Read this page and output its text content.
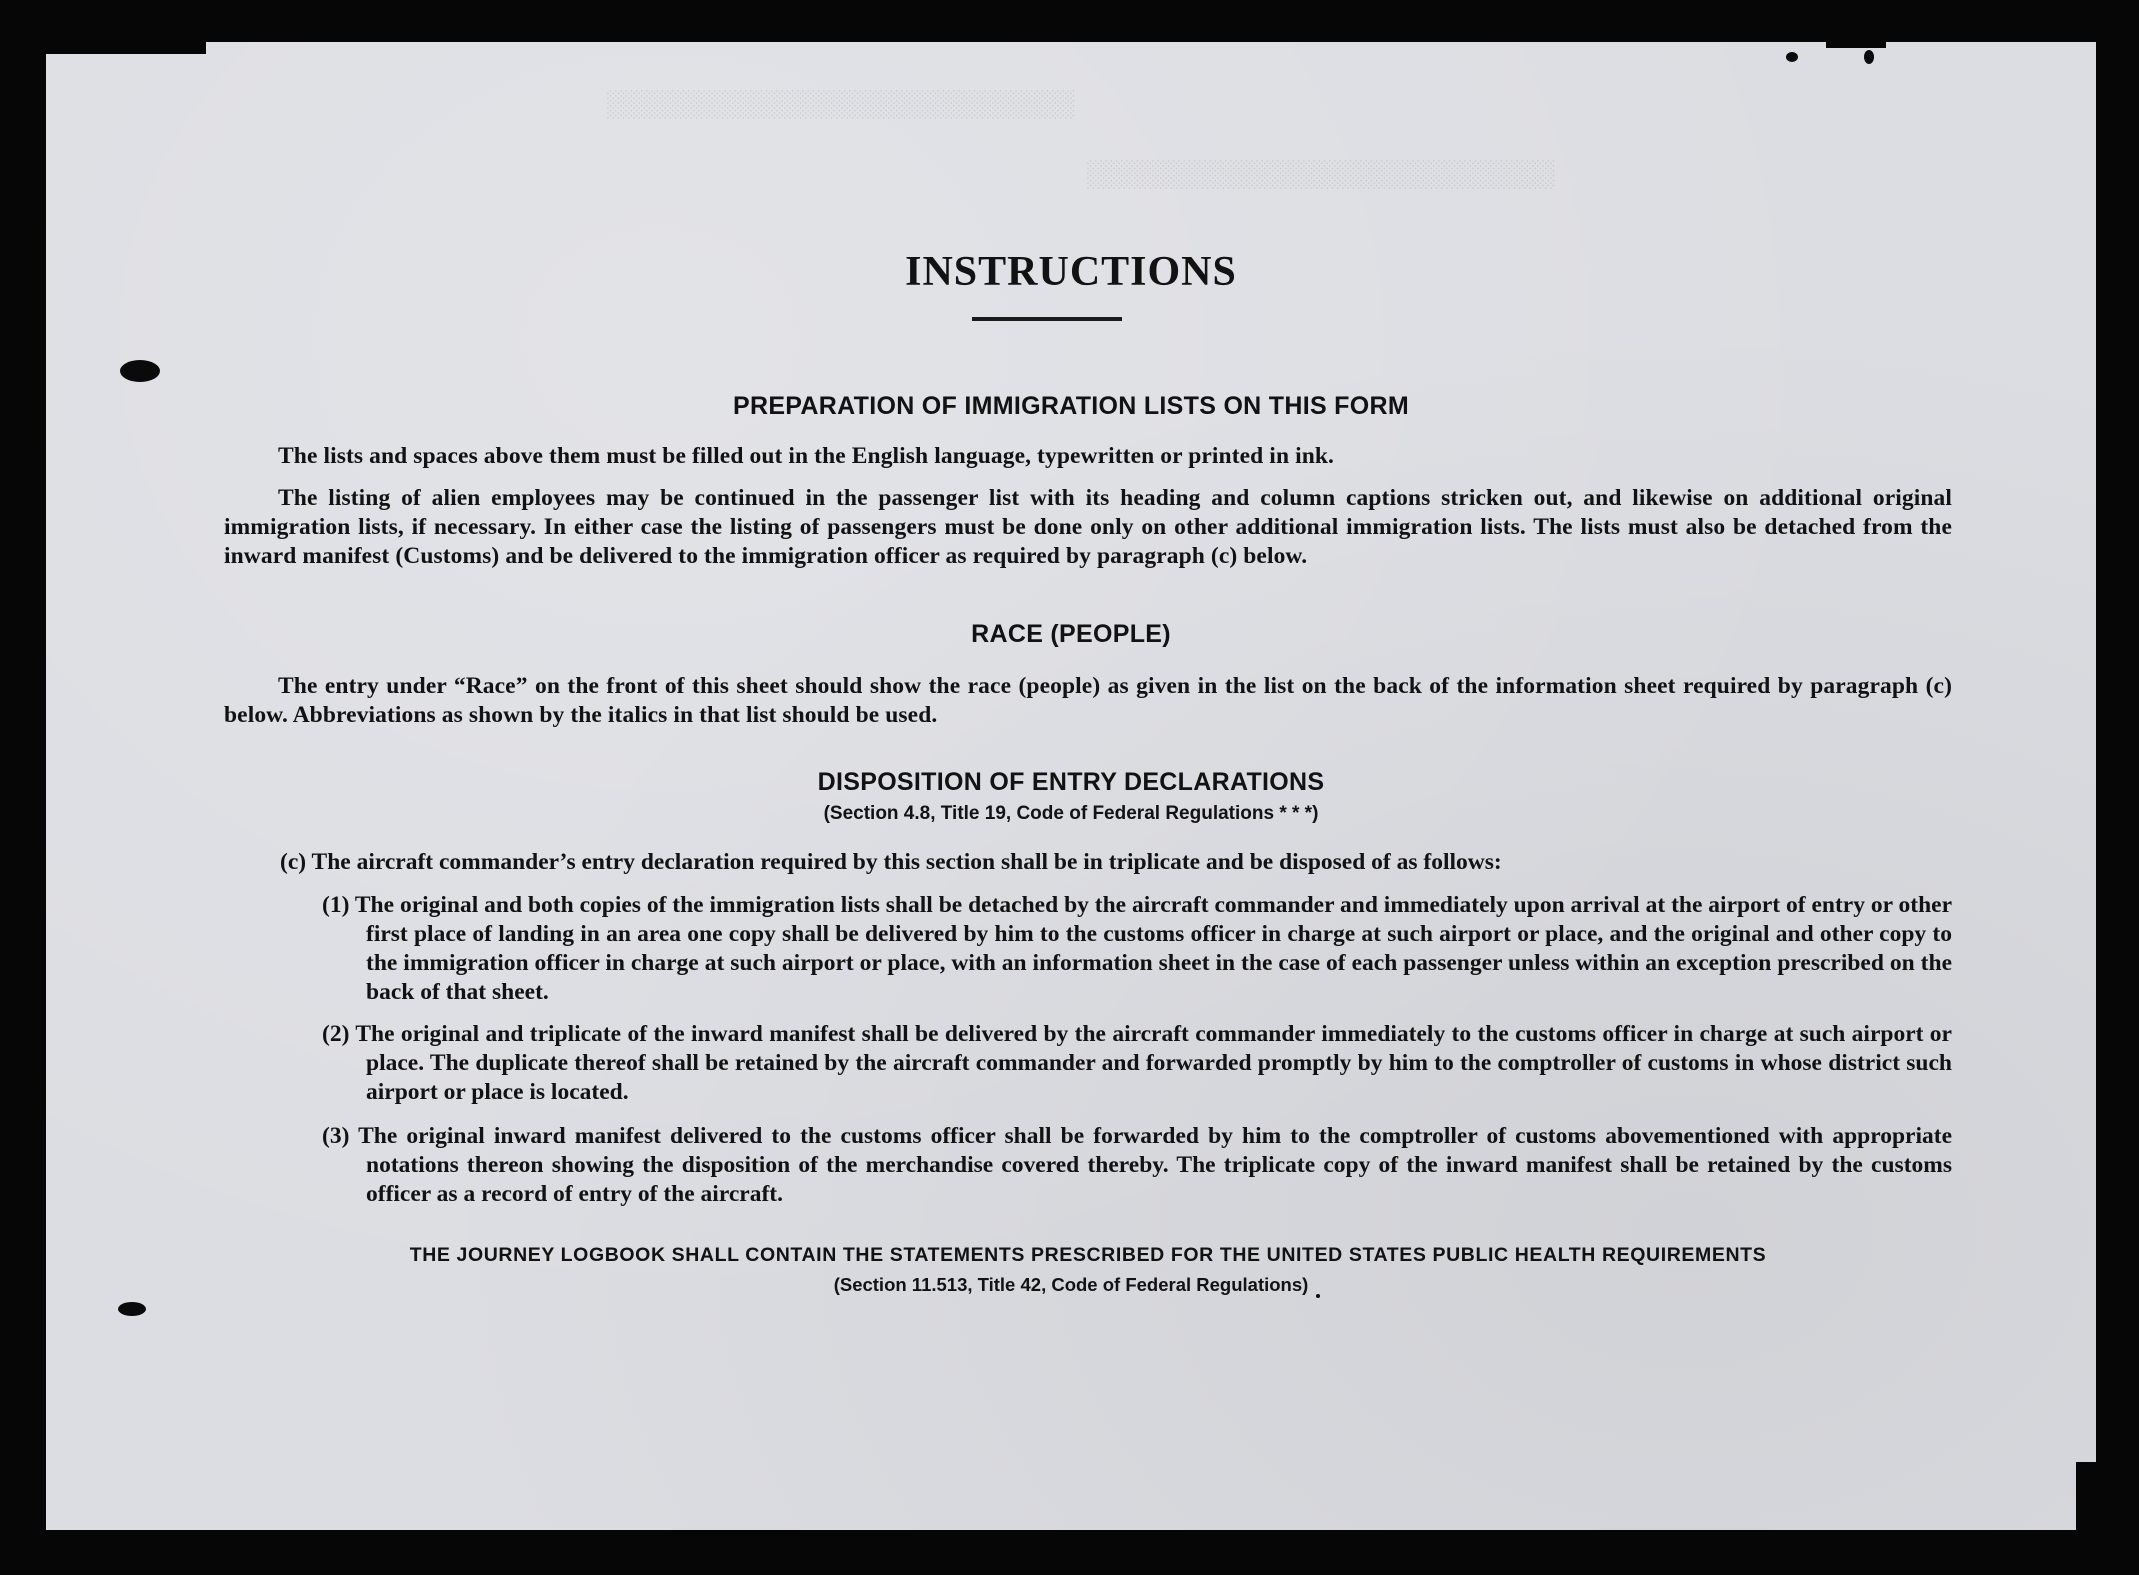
░░░░░░░░░░░░░░░░░░░░░░░░░░░░░░
░░░░░░░░░░░░░░░░░░░░░░░░░░░░░░
INSTRUCTIONS
PREPARATION OF IMMIGRATION LISTS ON THIS FORM
The lists and spaces above them must be filled out in the English language, typewritten or printed in ink.
The listing of alien employees may be continued in the passenger list with its heading and column captions stricken out, and likewise on additional original immigration lists, if necessary. In either case the listing of passengers must be done only on other additional immigration lists. The lists must also be detached from the inward manifest (Customs) and be delivered to the immigration officer as required by paragraph (c) below.
RACE (PEOPLE)
The entry under “Race” on the front of this sheet should show the race (people) as given in the list on the back of the information sheet required by paragraph (c) below. Abbreviations as shown by the italics in that list should be used.
DISPOSITION OF ENTRY DECLARATIONS
(Section 4.8, Title 19, Code of Federal Regulations * * *)
(c) The aircraft commander’s entry declaration required by this section shall be in triplicate and be disposed of as follows:
(1) The original and both copies of the immigration lists shall be detached by the aircraft commander and immediately upon arrival at the airport of entry or other first place of landing in an area one copy shall be delivered by him to the customs officer in charge at such airport or place, and the original and other copy to the immigration officer in charge at such airport or place, with an information sheet in the case of each passenger unless within an exception prescribed on the back of that sheet.
(2) The original and triplicate of the inward manifest shall be delivered by the aircraft commander immediately to the customs officer in charge at such airport or place. The duplicate thereof shall be retained by the aircraft commander and forwarded promptly by him to the comptroller of customs in whose district such airport or place is located.
(3) The original inward manifest delivered to the customs officer shall be forwarded by him to the comptroller of customs abovementioned with appropriate notations thereon showing the disposition of the merchandise covered thereby. The triplicate copy of the inward manifest shall be retained by the customs officer as a record of entry of the aircraft.
THE JOURNEY LOGBOOK SHALL CONTAIN THE STATEMENTS PRESCRIBED FOR THE UNITED STATES PUBLIC HEALTH REQUIREMENTS
(Section 11.513, Title 42, Code of Federal Regulations)
